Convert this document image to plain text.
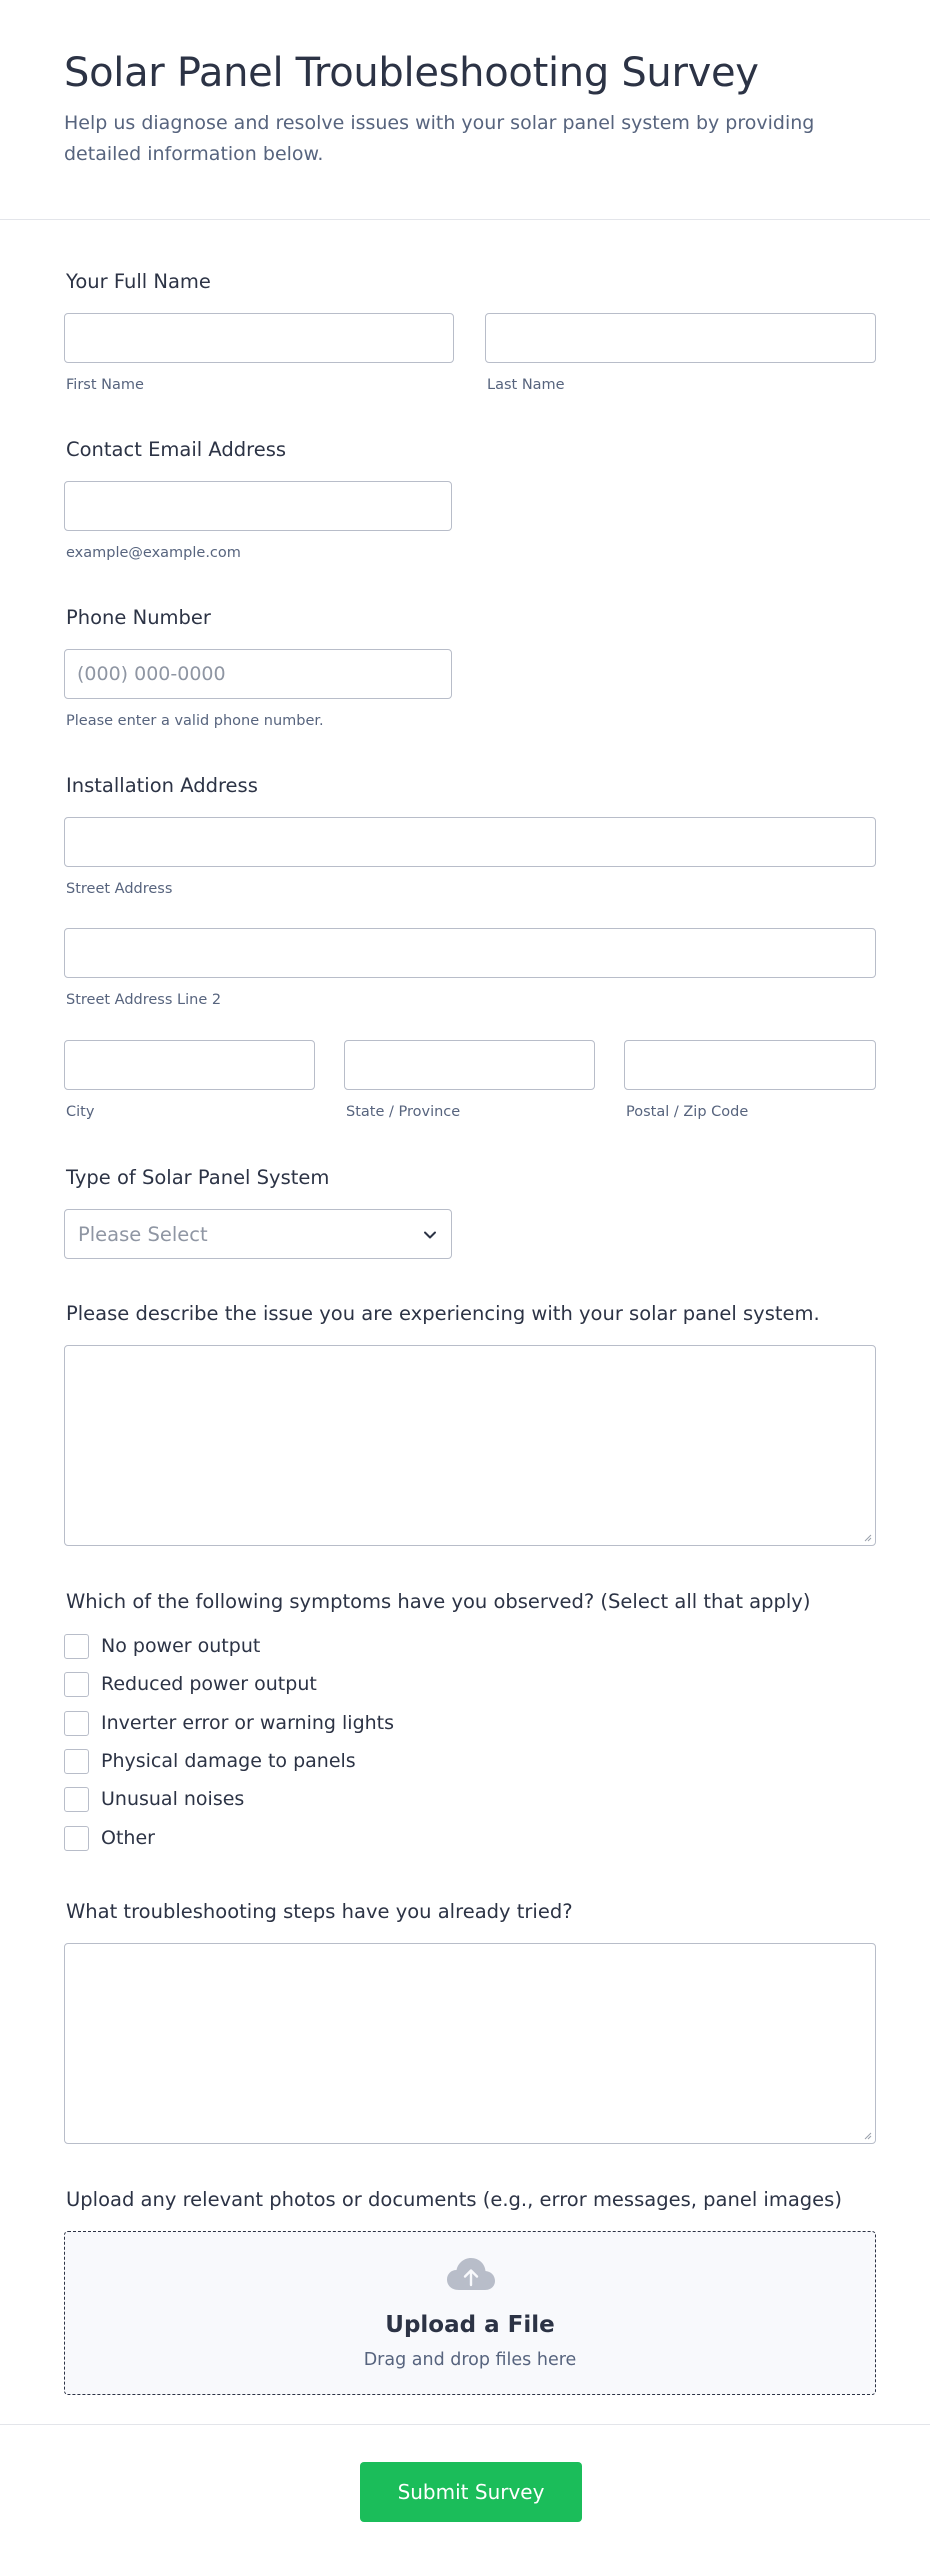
Solar Panel Troubleshooting Survey

Help us diagnose and resolve issues with your solar panel system by providing detailed information below.

Your Full Name
First Name	Last Name
Contact Email Address
example@example.com
Phone Number
(000) 000-0000
Please enter a valid phone number.
Installation Address
Street Address
Street Address Line 2
City	State / Province	Postal / Zip Code
Type of Solar Panel System
Please Select
Please describe the issue you are experiencing with your solar panel system.
Which of the following symptoms have you observed? (Select all that apply)
No power output
Reduced power output
Inverter error or warning lights
Physical damage to panels
Unusual noises
Other
What troubleshooting steps have you already tried?
Upload any relevant photos or documents (e.g., error messages, panel images)
Upload a File
Drag and drop files here
Submit Survey
